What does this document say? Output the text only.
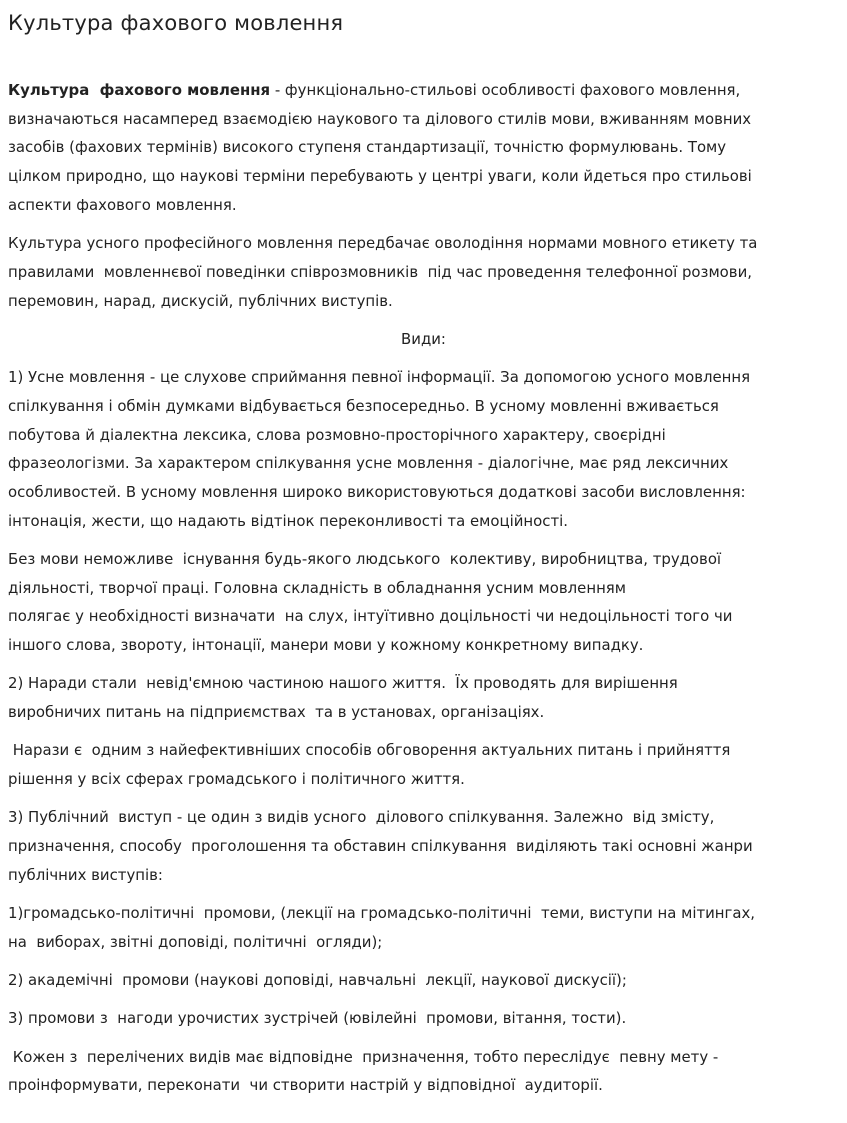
Культура фахового мовлення

Культура  фахового мовлення - функціонально-стильові особливості фахового мовлення,
визначаються насамперед взаємодією наукового та ділового стилів мови, вживанням мовних
засобів (фахових термінів) високого ступеня стандартизації, точністю формулювань. Тому
цілком природно, що наукові терміни перебувають у центрі уваги, коли йдеться про стильові
аспекти фахового мовлення.

Культура усного професійного мовлення передбачає оволодіння нормами мовного етикету та
правилами  мовленнєвої поведінки співрозмовників  під час проведення телефонної розмови,
перемовин, нарад, дискусій, публічних виступів.

Види:

1) Усне мовлення - це слухове сприймання певної інформації. За допомогою усного мовлення
спілкування і обмін думками відбувається безпосередньо. В усному мовленні вживається
побутова й діалектна лексика, слова розмовно-просторічного характеру, своєрідні
фразеологізми. За характером спілкування усне мовлення - діалогічне, має ряд лексичних
особливостей. В усному мовлення широко використовуються додаткові засоби висловлення:
інтонація, жести, що надають відтінок переконливості та емоційності.

Без мови неможливе  існування будь-якого людського  колективу, виробництва, трудової
діяльності, творчої праці. Головна складність в обладнання усним мовленням
полягає у необхідності визначати  на слух, інтуїтивно доцільності чи недоцільності того чи
іншого слова, звороту, інтонації, манери мови у кожному конкретному випадку.

2) Наради стали  невід'ємною частиною нашого життя.  Їх проводять для вирішення
виробничих питань на підприємствах  та в установах, організаціях.

Нарази є  одним з найефективніших способів обговорення актуальних питань і прийняття
рішення у всіх сферах громадського і політичного життя.

3) Публічний  виступ - це один з видів усного  ділового спілкування. Залежно  від змісту,
призначення, способу  проголошення та обставин спілкування  виділяють такі основні жанри
публічних виступів:

1)громадсько-політичні  промови, (лекції на громадсько-політичні  теми, виступи на мітингах,
на  виборах, звітні доповіді, політичні  огляди);

2) академічні  промови (наукові доповіді, навчальні  лекції, наукової дискусії);

3) промови з  нагоди урочистих зустрічей (ювілейні  промови, вітання, тости).

Кожен з  перелічених видів має відповідне  призначення, тобто переслідує  певну мету -
проінформувати, переконати  чи створити настрій у відповідної  аудиторії.
